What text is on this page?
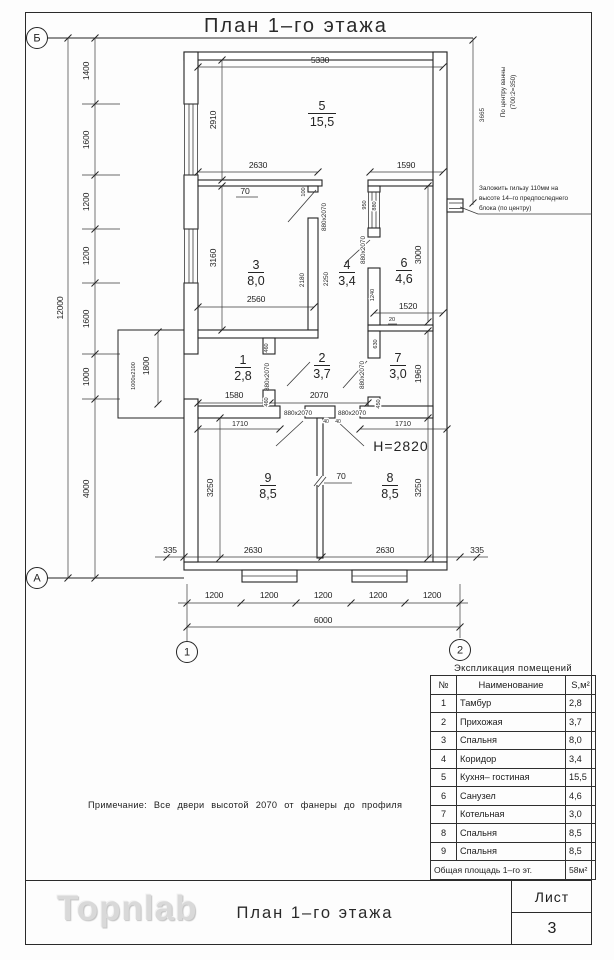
План 1–го этажа
Б
А
1	2
12000
1400
1600
1200
1200
1600
1000
4000
5330
2630	1590
70
70
100
880х2070
880х2070
880х2070
880х2070
880х2070	880х2070
2910
3160	3000
1960
3250	3250
950 880
1240
1520
20
630
450
460
460
40 40
2180	2250
2560
1800
1000х2100
1580	2070
1710	1710
H=2820
335	335
2630	2630
1200	1200	1200	1200	1200
6000
5
15,5
3
8,0
4
3,4
6
4,6
1
2,8
2
3,7
7
3,0
9
8,5
8
8,5
3665 По центру ванны (700:2=350)
Заложить гильзу 110мм на
высоте 14–го предпоследнего
блока (по центру)
Примечание: Все двери высотой 2070 от фанеры до профиля
Экспликация помещений
№	Наименование	S,м²
1	Тамбур	2,8
2	Прихожая	3,7
3	Спальня	8,0
4	Коридор	3,4
5	Кухня– гостиная	15,5
6	Санузел	4,6
7	Котельная	3,0
8	Спальня	8,5
9	Спальня	8,5
Общая площадь 1–го эт.		58м²
Topnlab	План 1–го этажа
Лист
3
